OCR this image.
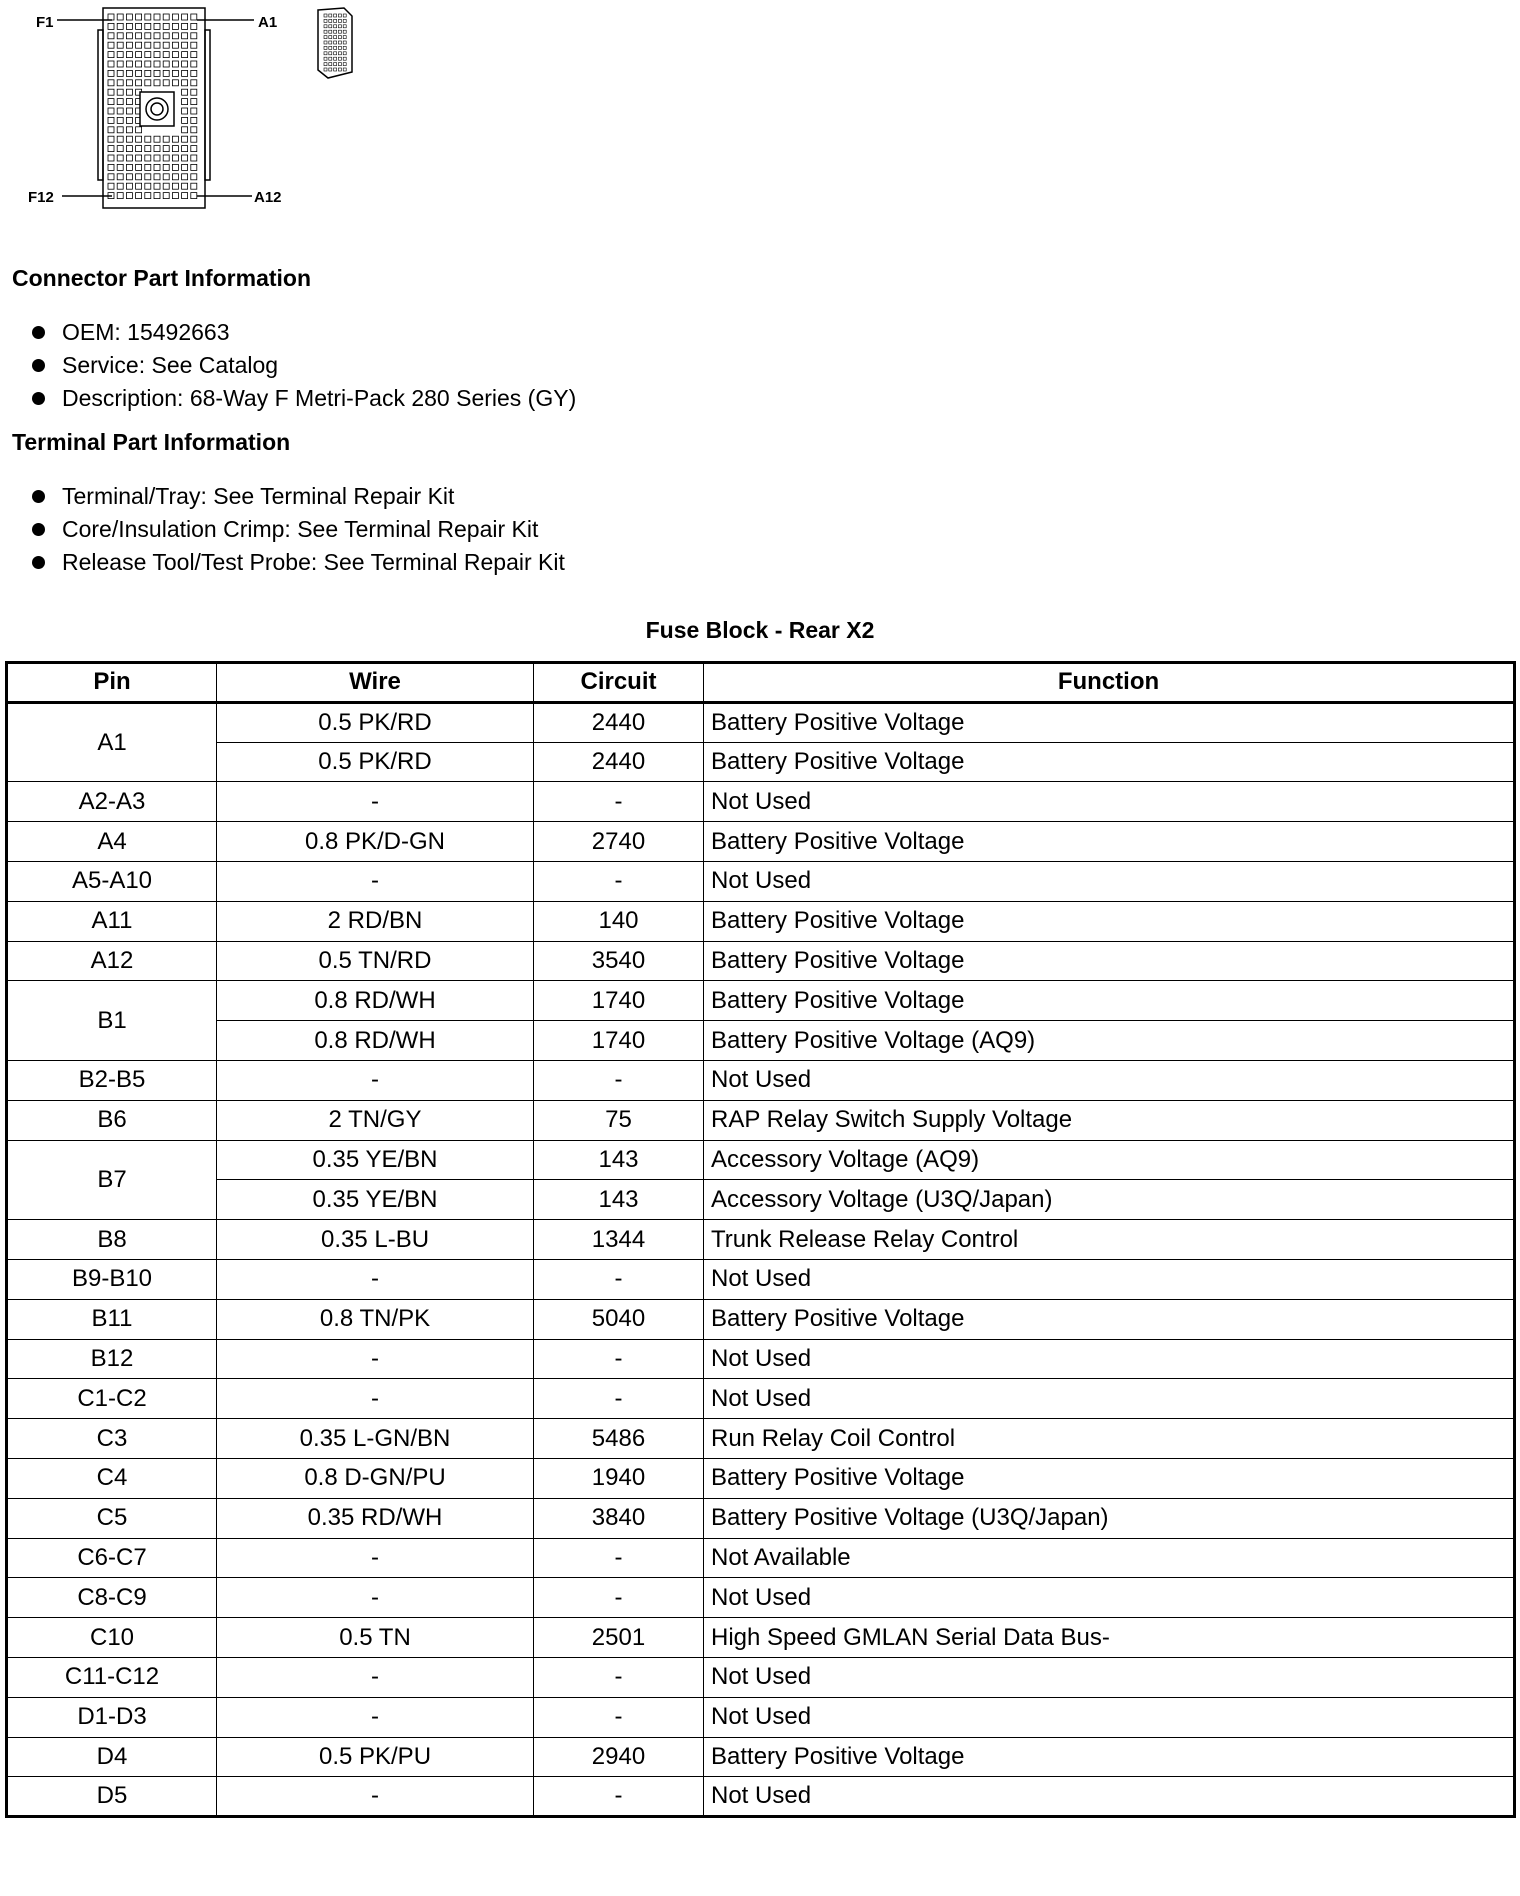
F1	A1
F12	A12
Connector Part Information
OEM: 15492663
Service: See Catalog
Description: 68-Way F Metri-Pack 280 Series (GY)
Terminal Part Information
Terminal/Tray: See Terminal Repair Kit
Core/Insulation Crimp: See Terminal Repair Kit
Release Tool/Test Probe: See Terminal Repair Kit
Fuse Block - Rear X2
Pin	Wire	Circuit	Function
A1	0.5 PK/RD	2440	Battery Positive Voltage
	0.5 PK/RD	2440	Battery Positive Voltage
A2-A3	-	-	Not Used
A4	0.8 PK/D-GN	2740	Battery Positive Voltage
A5-A10	-	-	Not Used
A11	2 RD/BN	140	Battery Positive Voltage
A12	0.5 TN/RD	3540	Battery Positive Voltage
B1	0.8 RD/WH	1740	Battery Positive Voltage
	0.8 RD/WH	1740	Battery Positive Voltage (AQ9)
B2-B5	-	-	Not Used
B6	2 TN/GY	75	RAP Relay Switch Supply Voltage
B7	0.35 YE/BN	143	Accessory Voltage (AQ9)
	0.35 YE/BN	143	Accessory Voltage (U3Q/Japan)
B8	0.35 L-BU	1344	Trunk Release Relay Control
B9-B10	-	-	Not Used
B11	0.8 TN/PK	5040	Battery Positive Voltage
B12	-	-	Not Used
C1-C2	-	-	Not Used
C3	0.35 L-GN/BN	5486	Run Relay Coil Control
C4	0.8 D-GN/PU	1940	Battery Positive Voltage
C5	0.35 RD/WH	3840	Battery Positive Voltage (U3Q/Japan)
C6-C7	-	-	Not Available
C8-C9	-	-	Not Used
C10	0.5 TN	2501	High Speed GMLAN Serial Data Bus-
C11-C12	-	-	Not Used
D1-D3	-	-	Not Used
D4	0.5 PK/PU	2940	Battery Positive Voltage
D5	-	-	Not Used
